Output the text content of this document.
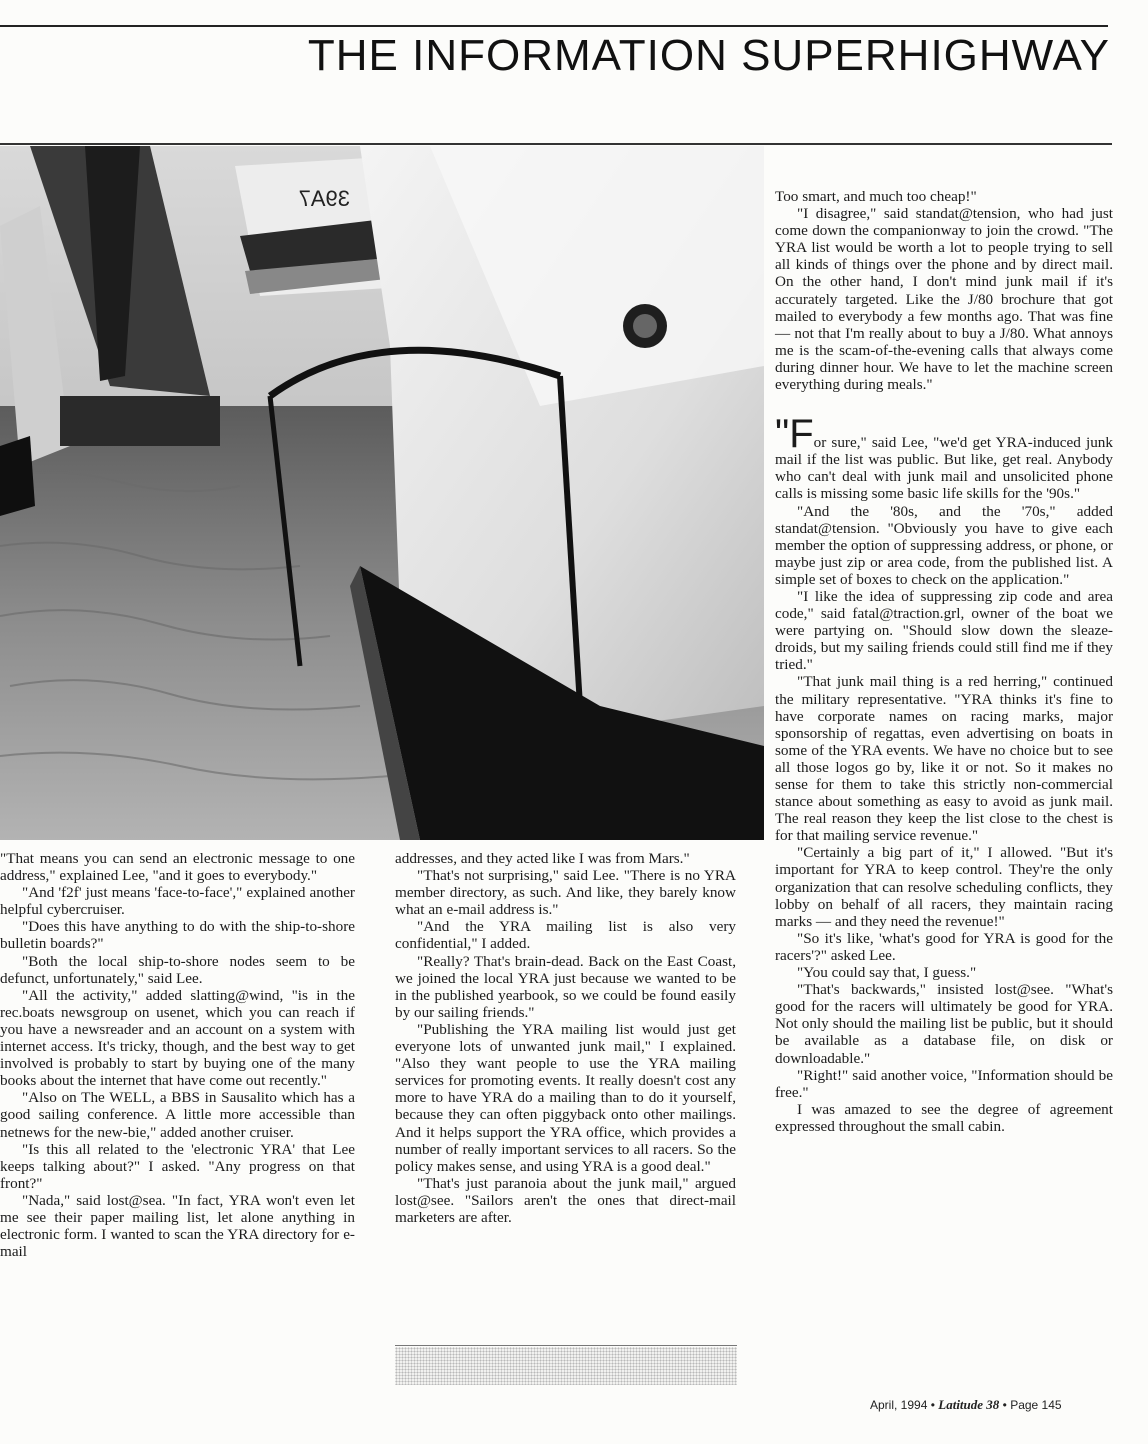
THE INFORMATION SUPERHIGHWAY
39A7

"That means you can send an electronic message to one address," explained Lee, "and it goes to everybody."

"And 'f2f' just means 'face-to-face'," explained another helpful cybercruiser.

"Does this have anything to do with the ship-to-shore bulletin boards?"

"Both the local ship-to-shore nodes seem to be defunct, unfortunately," said Lee.

"All the activity," added slatting@wind, "is in the rec.boats newsgroup on usenet, which you can reach if you have a newsreader and an account on a system with internet access. It's tricky, though, and the best way to get involved is probably to start by buying one of the many books about the internet that have come out recently."

"Also on The WELL, a BBS in Sausalito which has a good sailing conference. A little more accessible than netnews for the new-bie," added another cruiser.

"Is this all related to the 'electronic YRA' that Lee keeps talking about?" I asked. "Any progress on that front?"

"Nada," said lost@sea. "In fact, YRA won't even let me see their paper mailing list, let alone anything in electronic form. I wanted to scan the YRA directory for e-mail

addresses, and they acted like I was from Mars."

"That's not surprising," said Lee. "There is no YRA member directory, as such. And like, they barely know what an e-mail address is."

"And the YRA mailing list is also very confidential," I added.

"Really? That's brain-dead. Back on the East Coast, we joined the local YRA just because we wanted to be in the published yearbook, so we could be found easily by our sailing friends."

"Publishing the YRA mailing list would just get everyone lots of unwanted junk mail," I explained. "Also they want people to use the YRA mailing services for promoting events. It really doesn't cost any more to have YRA do a mailing than to do it yourself, because they can often piggyback onto other mailings. And it helps support the YRA office, which provides a number of really important services to all racers. So the policy makes sense, and using YRA is a good deal."

"That's just paranoia about the junk mail," argued lost@see. "Sailors aren't the ones that direct-mail marketers are after.

Too smart, and much too cheap!"

"I disagree," said standat@tension, who had just come down the companionway to join the crowd. "The YRA list would be worth a lot to people trying to sell all kinds of things over the phone and by direct mail. On the other hand, I don't mind junk mail if it's accurately targeted. Like the J/80 brochure that got mailed to everybody a few months ago. That was fine — not that I'm really about to buy a J/80. What annoys me is the scam-of-the-evening calls that always come during dinner hour. We have to let the machine screen everything during meals."

"For sure," said Lee, "we'd get YRA-induced junk mail if the list was public. But like, get real. Anybody who can't deal with junk mail and unsolicited phone calls is missing some basic life skills for the '90s."

"And the '80s, and the '70s," added standat@tension. "Obviously you have to give each member the option of suppressing address, or phone, or maybe just zip or area code, from the published list. A simple set of boxes to check on the application."

"I like the idea of suppressing zip code and area code," said fatal@traction.grl, owner of the boat we were partying on. "Should slow down the sleaze-droids, but my sailing friends could still find me if they tried."

"That junk mail thing is a red herring," continued the military representative. "YRA thinks it's fine to have corporate names on racing marks, major sponsorship of regattas, even advertising on boats in some of the YRA events. We have no choice but to see all those logos go by, like it or not. So it makes no sense for them to take this strictly non-commercial stance about something as easy to avoid as junk mail. The real reason they keep the list close to the chest is for that mailing service revenue."

"Certainly a big part of it," I allowed. "But it's important for YRA to keep control. They're the only organization that can resolve scheduling conflicts, they lobby on behalf of all racers, they maintain racing marks — and they need the revenue!"

"So it's like, 'what's good for YRA is good for the racers'?" asked Lee.

"You could say that, I guess."

"That's backwards," insisted lost@see. "What's good for the racers will ultimately be good for YRA. Not only should the mailing list be public, but it should be available as a database file, on disk or downloadable."

"Right!" said another voice, "Information should be free."

I was amazed to see the degree of agreement expressed throughout the small cabin.

April, 1994 • Latitude 38 • Page 145
